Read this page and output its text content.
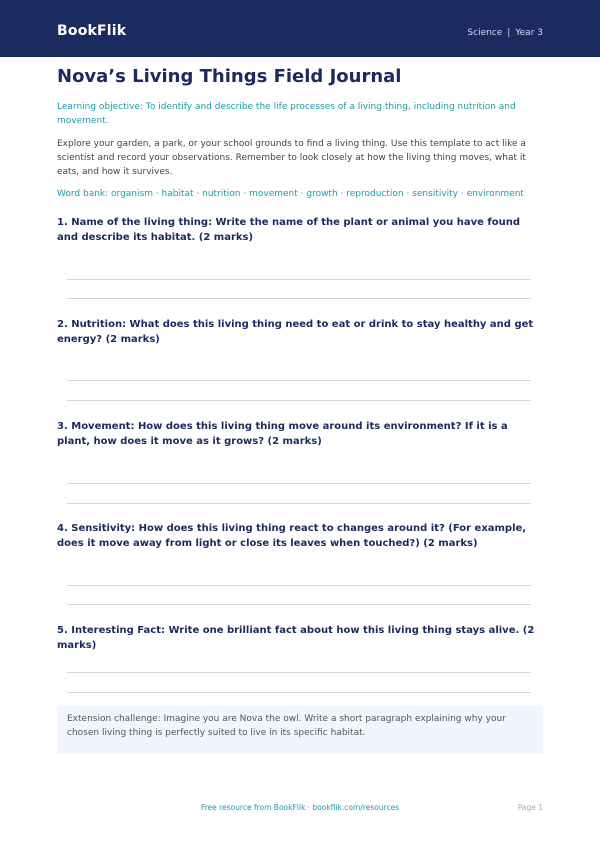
BookFlik	Science | Year 3
Nova’s Living Things Field Journal
Learning objective: To identify and describe the life processes of a living thing, including nutrition and movement.
Explore your garden, a park, or your school grounds to find a living thing. Use this template to act like a scientist and record your observations. Remember to look closely at how the living thing moves, what it eats, and how it survives.
Word bank: organism · habitat · nutrition · movement · growth · reproduction · sensitivity · environment
1. Name of the living thing: Write the name of the plant or animal you have found and describe its habitat. (2 marks)
2. Nutrition: What does this living thing need to eat or drink to stay healthy and get energy? (2 marks)
3. Movement: How does this living thing move around its environment? If it is a plant, how does it move as it grows? (2 marks)
4. Sensitivity: How does this living thing react to changes around it? (For example, does it move away from light or close its leaves when touched?) (2 marks)
5. Interesting Fact: Write one brilliant fact about how this living thing stays alive. (2 marks)
Extension challenge: Imagine you are Nova the owl. Write a short paragraph explaining why your chosen living thing is perfectly suited to live in its specific habitat.
Free resource from BookFlik · bookflik.com/resources	Page 1
